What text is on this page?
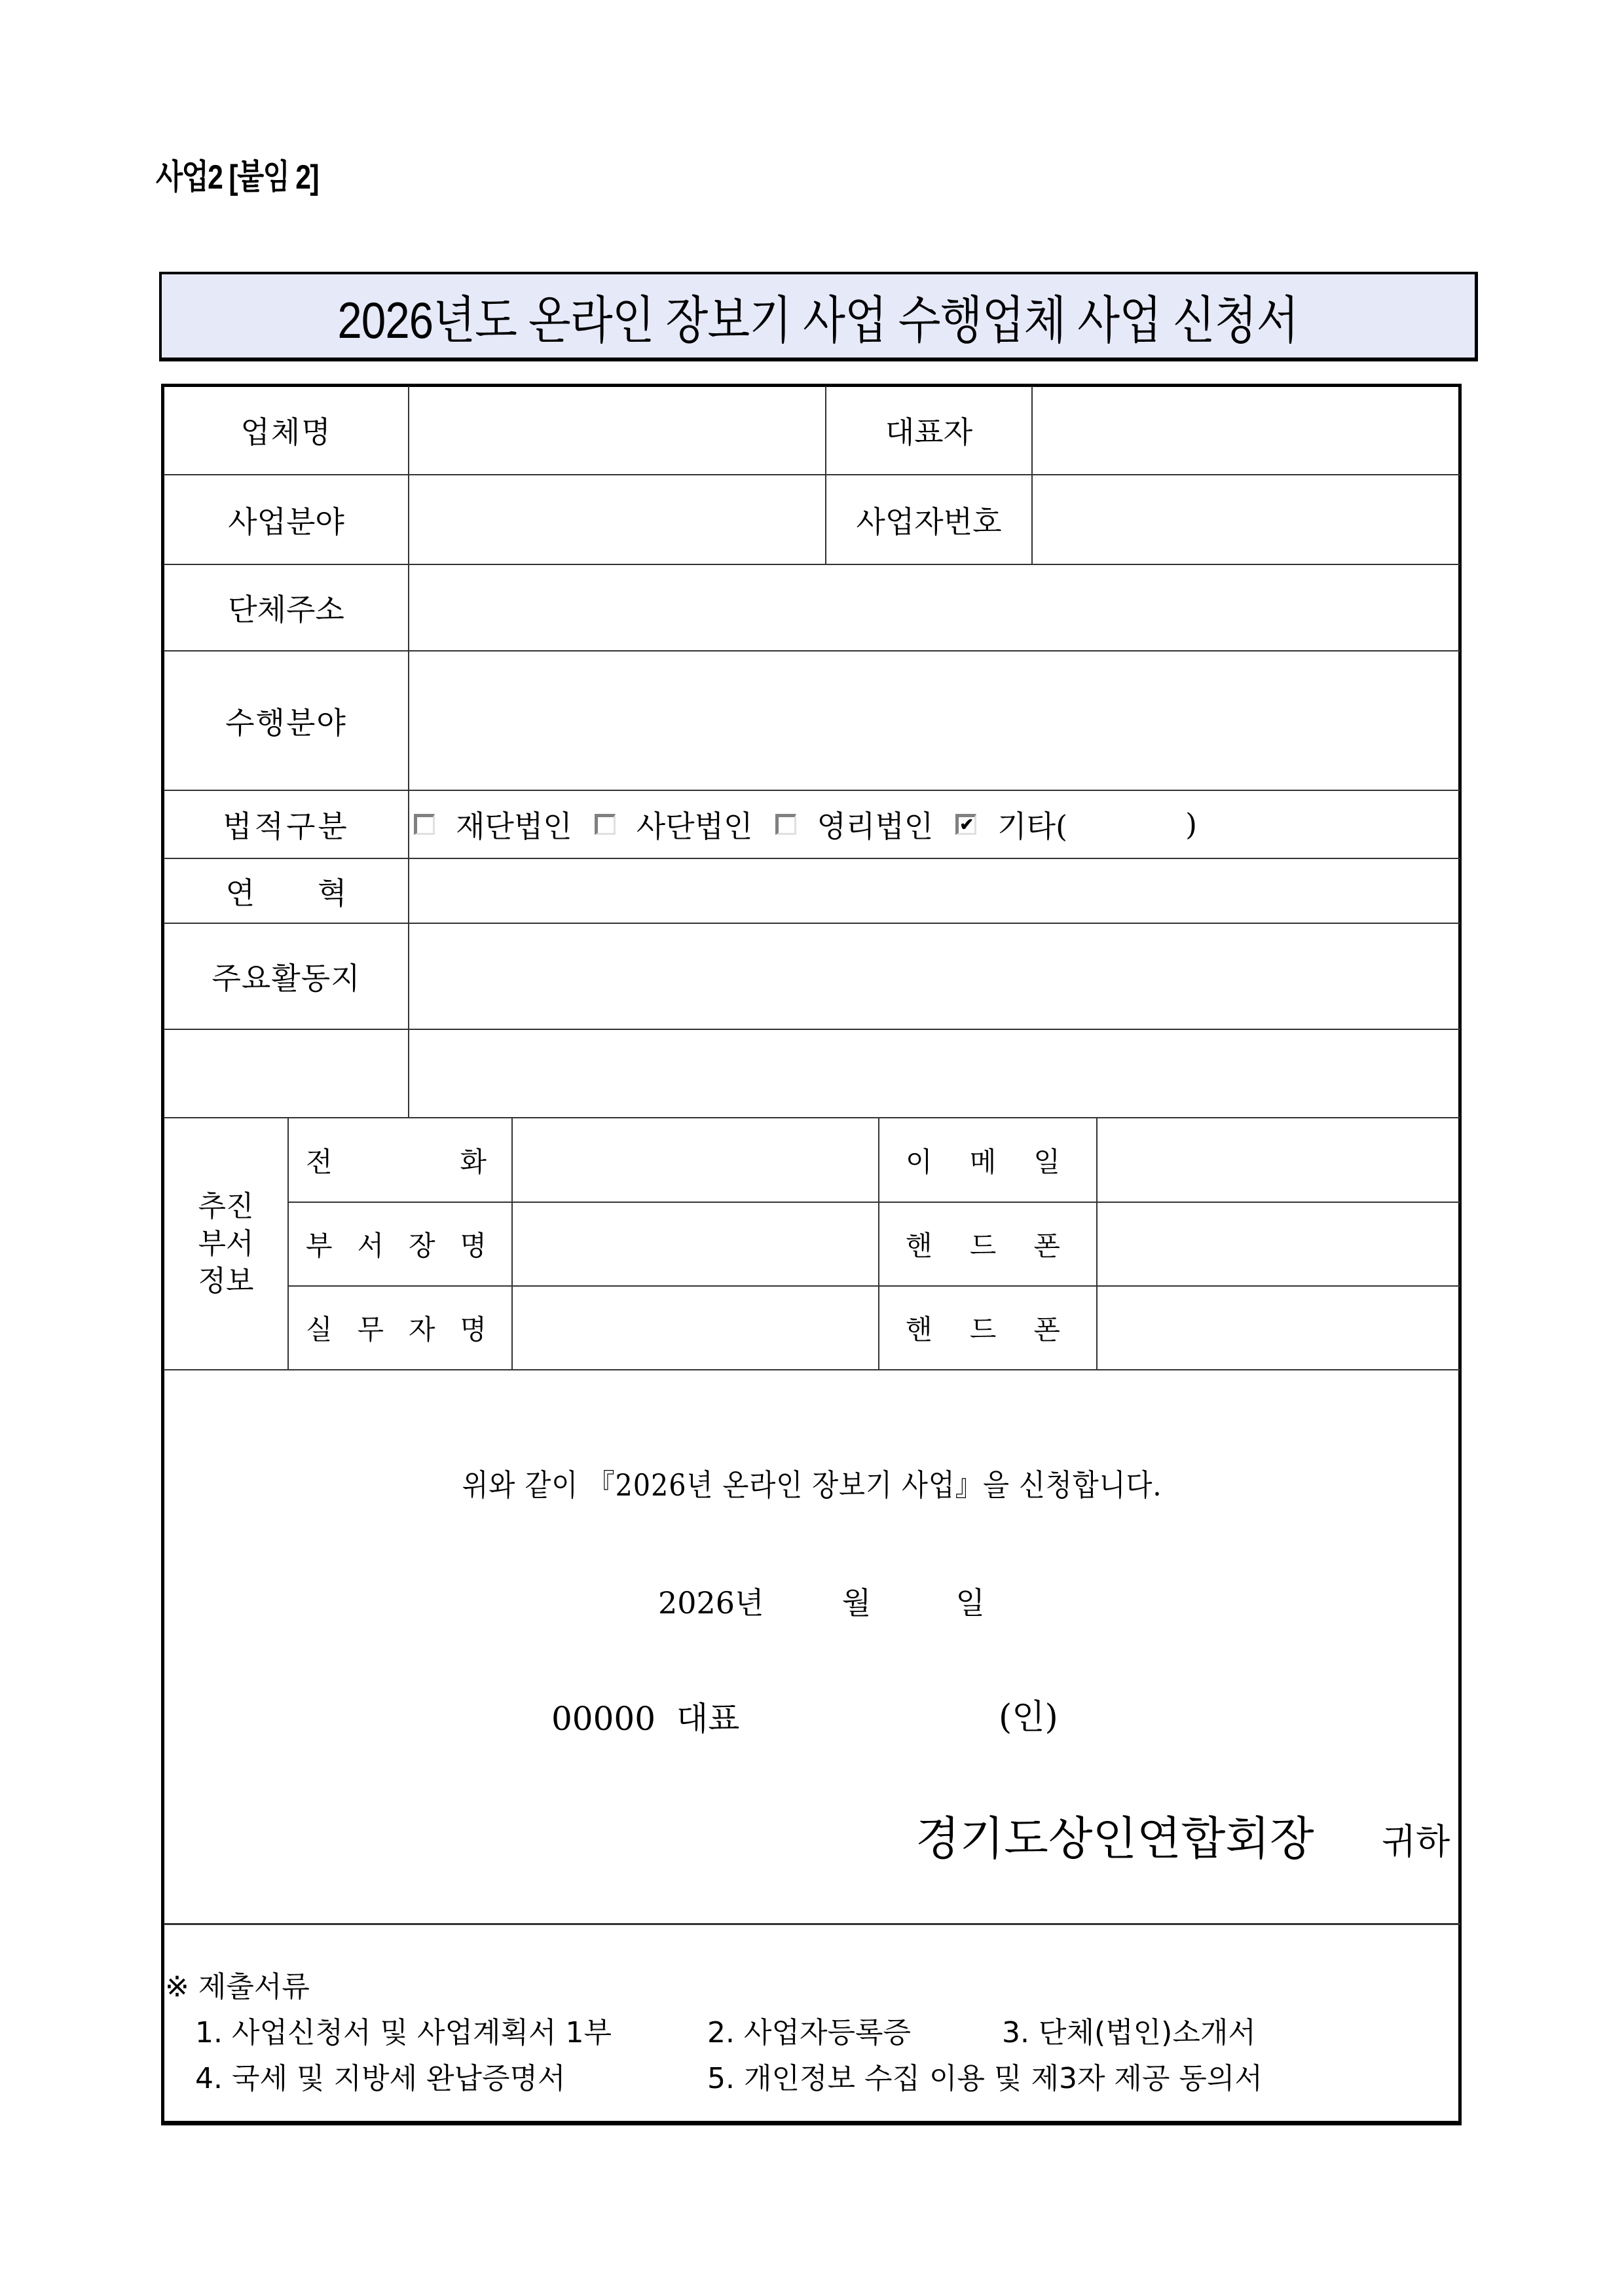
사업2 [붙임 2]
2026년도 온라인 장보기 사업 수행업체 사업 신청서
업체명	대표자
사업분야	사업자번호
단체주소
수행분야
법적구분	재단법인 사단법인 영리법인 ✔ 기타(	)
연 혁
주요활동지
추진
부서
정보
전	화	이 메 일
부 서 장 명	핸 드 폰
실 무 자 명	핸 드 폰
위와 같이 『2026년 온라인 장보기 사업』을 신청합니다.
2026년	월	일
00000  대표	(인)
경기도상인연합회장 귀하
※ 제출서류
1. 사업신청서 및 사업계획서 1부	2. 사업자등록증	3. 단체(법인)소개서
4. 국세 및 지방세 완납증명서	5. 개인정보 수집 이용 및 제3자 제공 동의서
